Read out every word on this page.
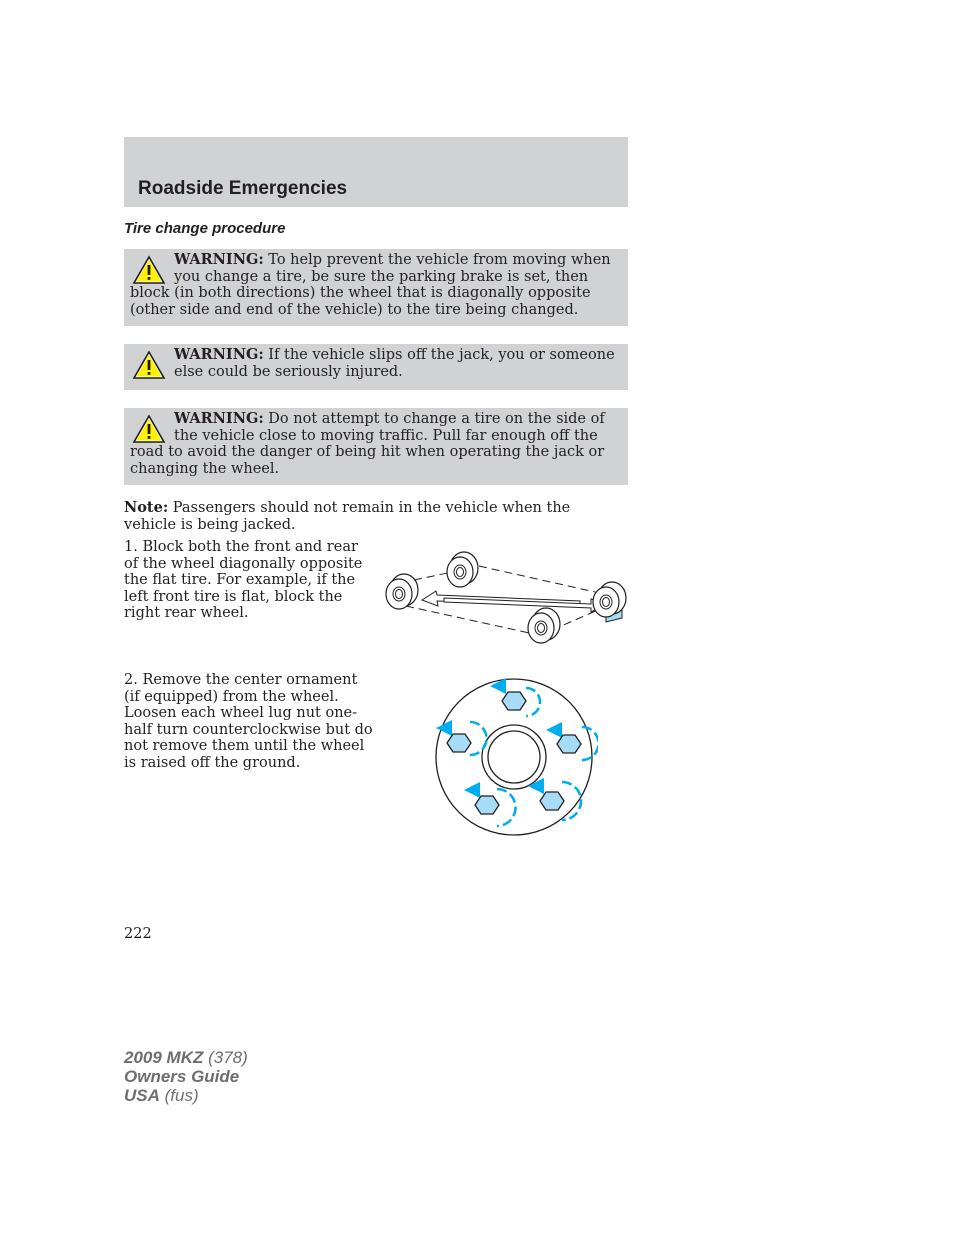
Roadside Emergencies
Tire change procedure
WARNING: To help prevent the vehicle from moving when you change a tire, be sure the parking brake is set, then block (in both directions) the wheel that is diagonally opposite (other side and end of the vehicle) to the tire being changed.
WARNING: If the vehicle slips off the jack, you or someone else could be seriously injured.
WARNING: Do not attempt to change a tire on the side of the vehicle close to moving traffic. Pull far enough off the road to avoid the danger of being hit when operating the jack or changing the wheel.

Note: Passengers should not remain in the vehicle when the vehicle is being jacked.

1. Block both the front and rear of the wheel diagonally opposite the flat tire. For example, if the left front tire is flat, block the right rear wheel.

2. Remove the center ornament (if equipped) from the wheel. Loosen each wheel lug nut one-half turn counterclockwise but do not remove them until the wheel is raised off the ground.

222
2009 MKZ (378)
Owners Guide
USA (fus)
